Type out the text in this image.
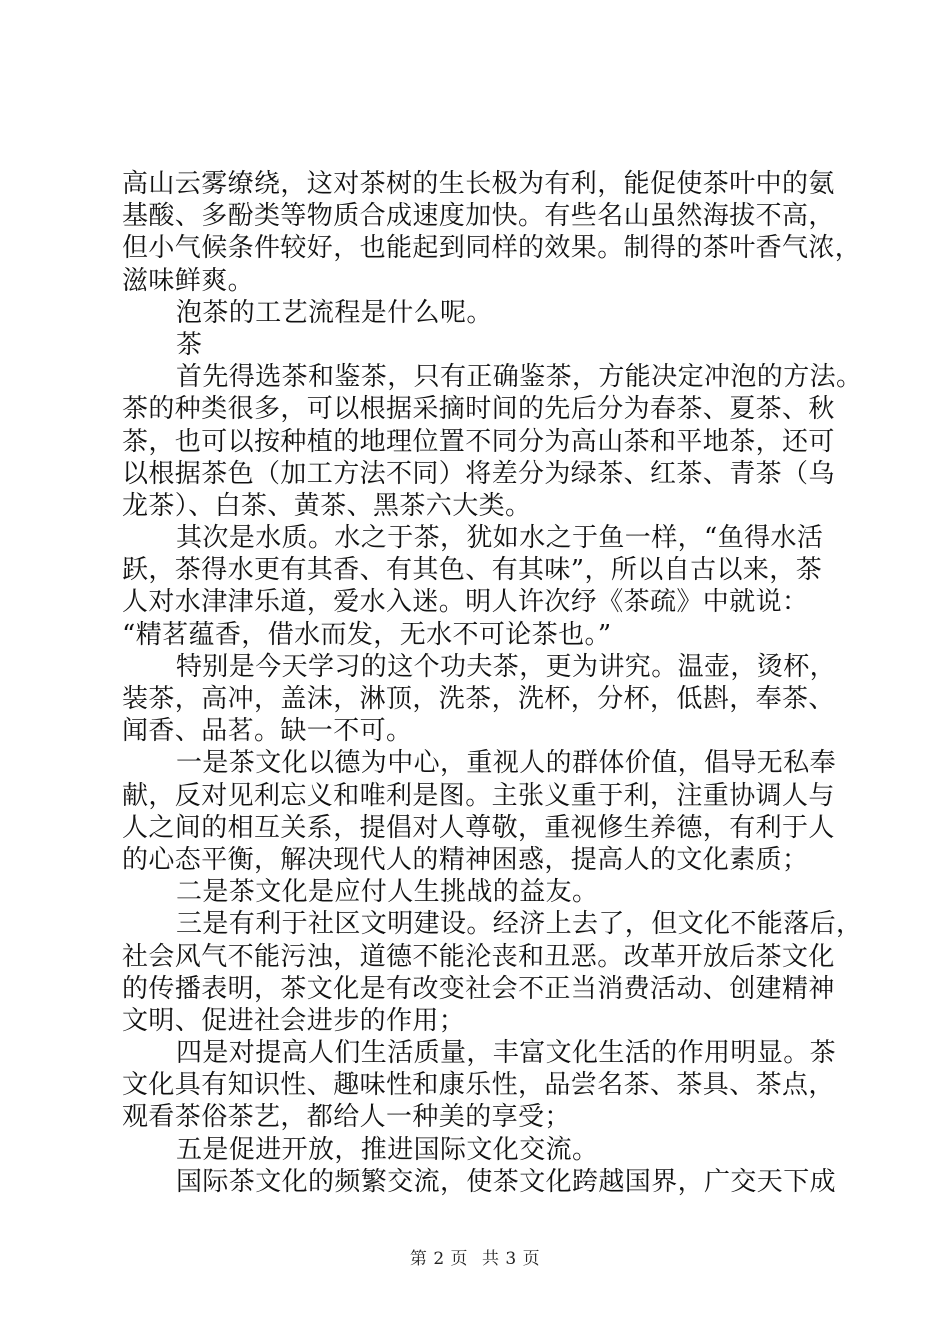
高山云雾缭绕，这对茶树的生长极为有利，能促使茶叶中的氨
基酸、多酚类等物质合成速度加快。有些名山虽然海拔不高，
但小气候条件较好，也能起到同样的效果。制得的茶叶香气浓，
滋味鲜爽。
泡茶的工艺流程是什么呢。
茶
首先得选茶和鉴茶，只有正确鉴茶，方能决定冲泡的方法。
茶的种类很多，可以根据采摘时间的先后分为春茶、夏茶、秋
茶，也可以按种植的地理位置不同分为高山茶和平地茶，还可
以根据茶色（加工方法不同）将差分为绿茶、红茶、青茶（乌
龙茶）、白茶、黄茶、黑茶六大类。
其次是水质。水之于茶，犹如水之于鱼一样，“鱼得水活
跃，茶得水更有其香、有其色、有其味”，所以自古以来，茶
人对水津津乐道，爱水入迷。明人许次纾《茶疏》中就说：
“精茗蕴香，借水而发，无水不可论茶也。”
特别是今天学习的这个功夫茶，更为讲究。温壶，烫杯，
装茶，高冲，盖沫，淋顶，洗茶，洗杯，分杯，低斟，奉茶、
闻香、品茗。缺一不可。
一是茶文化以德为中心，重视人的群体价值，倡导无私奉
献，反对见利忘义和唯利是图。主张义重于利，注重协调人与
人之间的相互关系，提倡对人尊敬，重视修生养德，有利于人
的心态平衡，解决现代人的精神困惑，提高人的文化素质；
二是茶文化是应付人生挑战的益友。
三是有利于社区文明建设。经济上去了，但文化不能落后，
社会风气不能污浊，道德不能沦丧和丑恶。改革开放后茶文化
的传播表明，茶文化是有改变社会不正当消费活动、创建精神
文明、促进社会进步的作用；
四是对提高人们生活质量，丰富文化生活的作用明显。茶
文化具有知识性、趣味性和康乐性，品尝名茶、茶具、茶点，
观看茶俗茶艺，都给人一种美的享受；
五是促进开放，推进国际文化交流。
国际茶文化的频繁交流，使茶文化跨越国界，广交天下成
第 2 页 共 3 页
